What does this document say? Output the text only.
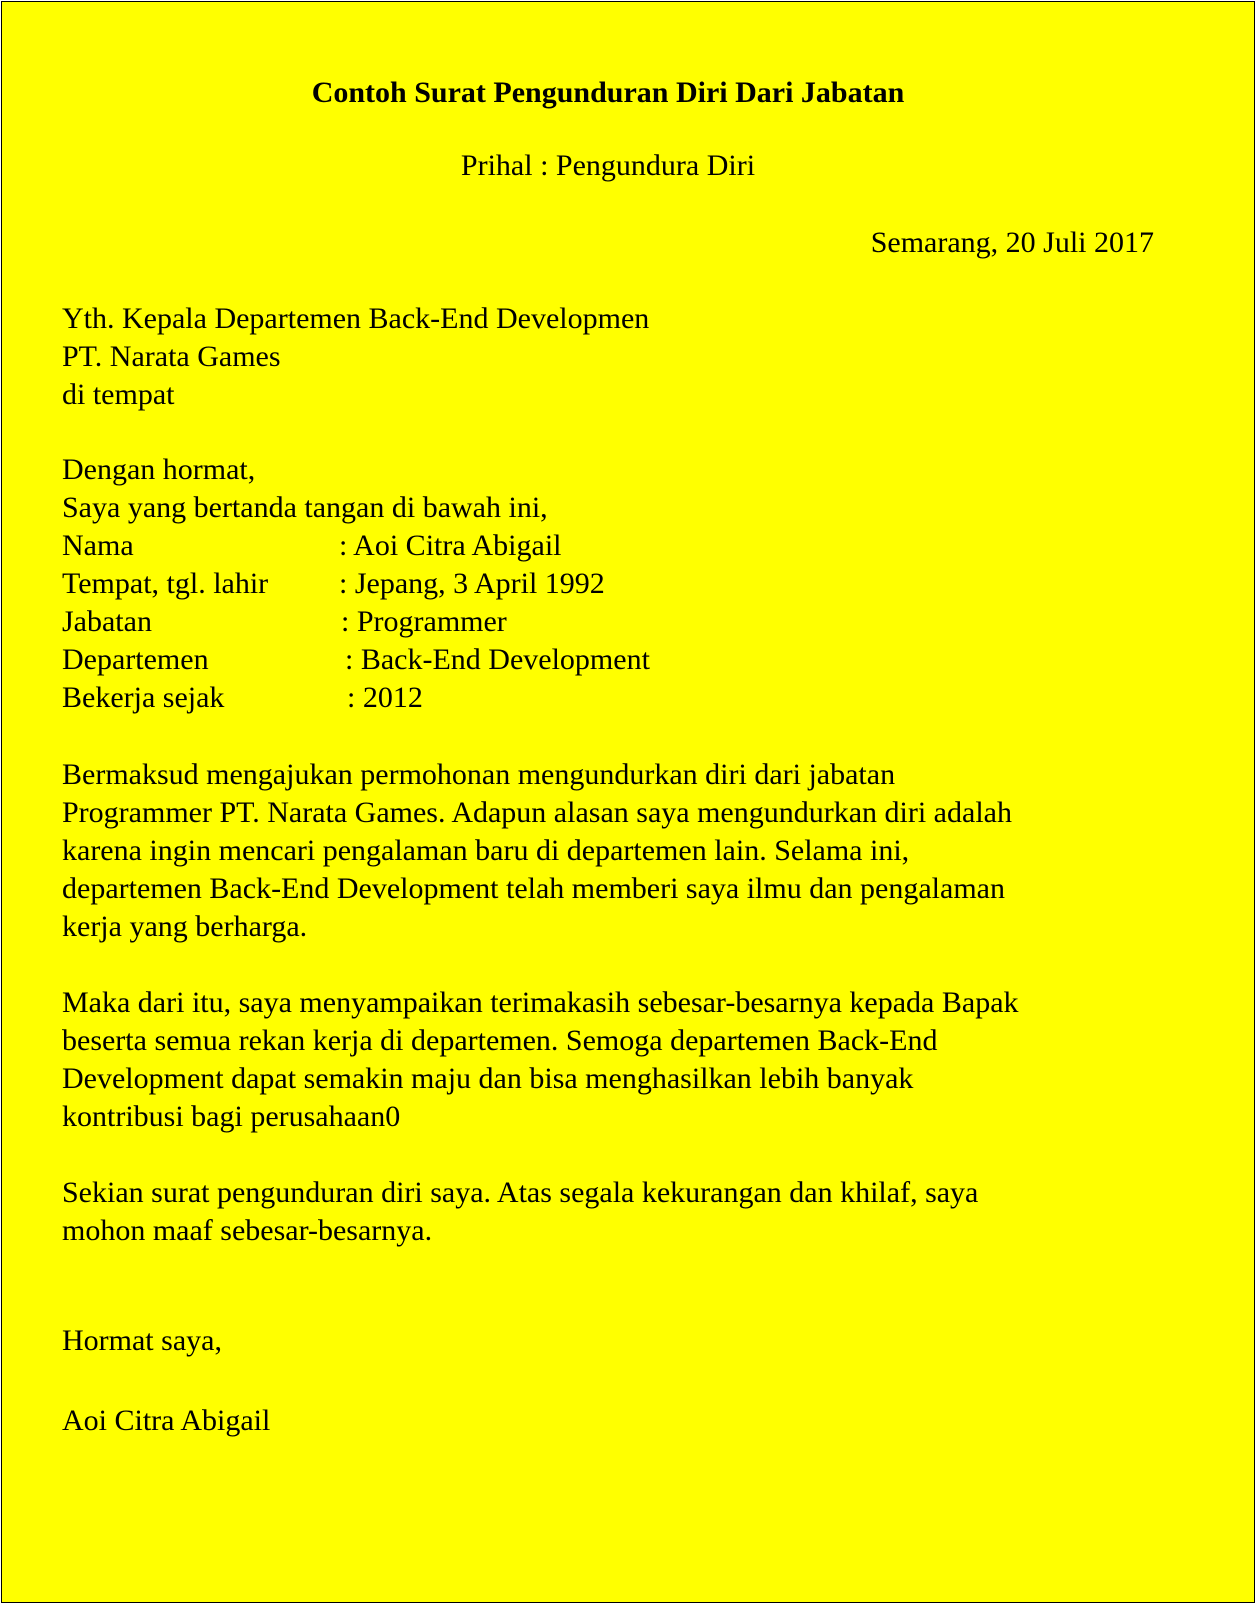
Contoh Surat Pengunduran Diri Dari Jabatan
Prihal : Pengundura Diri
Semarang, 20 Juli 2017
Yth. Kepala Departemen Back-End Developmen
PT. Narata Games
di tempat
Dengan hormat,
Saya yang bertanda tangan di bawah ini,
Nama	: Aoi Citra Abigail
Tempat, tgl. lahir : Jepang, 3 April 1992
Jabatan	: Programmer
Departemen	: Back-End Development
Bekerja sejak	: 2012
Bermaksud mengajukan permohonan mengundurkan diri dari jabatan
Programmer PT. Narata Games. Adapun alasan saya mengundurkan diri adalah
karena ingin mencari pengalaman baru di departemen lain. Selama ini,
departemen Back-End Development telah memberi saya ilmu dan pengalaman
kerja yang berharga.
Maka dari itu, saya menyampaikan terimakasih sebesar-besarnya kepada Bapak
beserta semua rekan kerja di departemen. Semoga departemen Back-End
Development dapat semakin maju dan bisa menghasilkan lebih banyak
kontribusi bagi perusahaan0
Sekian surat pengunduran diri saya. Atas segala kekurangan dan khilaf, saya
mohon maaf sebesar-besarnya.
Hormat saya,
Aoi Citra Abigail
